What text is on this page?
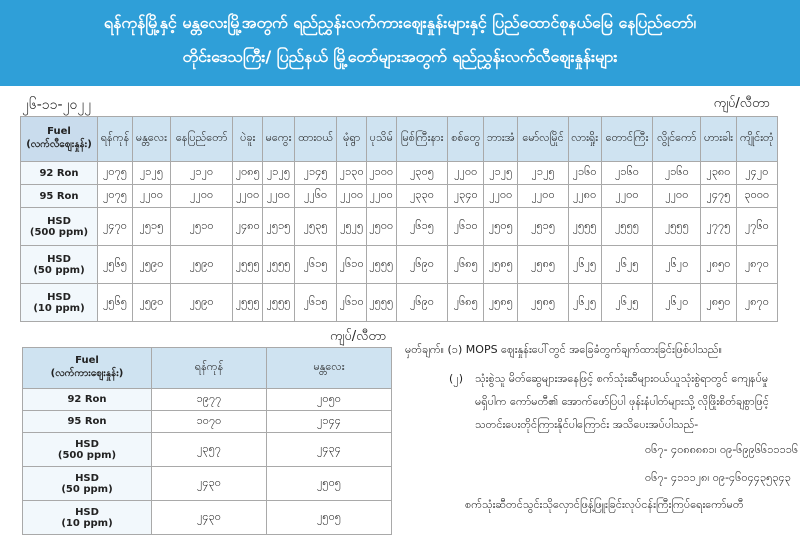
ရန်ကုန်မြို့နှင့် မန္တလေးမြို့အတွက် ရည်ညွှန်းလက်ကားဈေးနှုန်းများနှင့် ပြည်ထောင်စုနယ်မြေ နေပြည်တော်၊
တိုင်းဒေသကြီး/ ပြည်နယ် မြို့တော်များအတွက် ရည်ညွှန်းလက်လီဈေးနှုန်းများ
၂၆-၁၁-၂၀၂၂	ကျပ်/လီတာ
Fuel
(လက်လီဈေးနှုန်း)	ရန်ကုန်	မန္တလေး	နေပြည်တော်	ပဲခူး	မကွေး	ထားဝယ်	မုံရွာ	ပုသိမ်	မြစ်ကြီးနား	စစ်တွေ	ဘားအံ	မော်လမြိုင်	လားရှိုး	တောင်ကြီး	လွိုင်ကော်	ဟားခါး	ကျိုင်းတုံ
92 Ron	၂၀၇၅	၂၁၂၅	၂၁၂၀	၂၀၈၅	၂၁၂၅	၂၁၄၅	၂၁၃၀	၂၁၀၀	၂၃၀၅	၂၂၀၀	၂၁၂၅	၂၁၂၅	၂၁၆၀	၂၁၆၀	၂၁၆၀	၂၃၈၀	၂၄၂၀
95 Ron	၂၀၇၅	၂၂၀၀	၂၂၀၀	၂၂၀၀	၂၂၀၀	၂၂၆၀	၂၂၀၀	၂၂၀၀	၂၃၃၀	၂၃၄၀	၂၂၀၀	၂၂၀၀	၂၂၈၀	၂၂၀၀	၂၂၀၀	၂၄၇၅	၃၀၀၀
HSD
(500 ppm)	၂၄၇၀	၂၅၁၅	၂၅၁၀	၂၄၈၀	၂၅၁၅	၂၅၃၅	၂၅၂၅	၂၅၀၀	၂၆၁၅	၂၆၁၀	၂၅၀၅	၂၅၁၅	၂၅၅၅	၂၅၅၅	၂၅၅၅	၂၇၇၅	၂၇၆၀
HSD
(50 ppm)	၂၅၆၅	၂၅၉၀	၂၅၉၀	၂၅၅၅	၂၅၅၅	၂၆၁၅	၂၆၁၀	၂၅၅၅	၂၆၉၀	၂၆၈၅	၂၅၈၅	၂၅၈၅	၂၆၂၅	၂၆၂၅	၂၆၂၀	၂၈၅၀	၂၈၇၀
HSD
(10 ppm)	၂၅၆၅	၂၅၉၀	၂၅၉၀	၂၅၅၅	၂၅၅၅	၂၆၁၅	၂၆၁၀	၂၅၅၅	၂၆၉၀	၂၆၈၅	၂၅၈၅	၂၅၈၅	၂၆၂၅	၂၆၂၅	၂၆၂၀	၂၈၅၀	၂၈၇၀
ကျပ်/လီတာ
Fuel
(လက်ကားဈေးနှုန်း)	ရန်ကုန်	မန္တလေး
92 Ron	၁၉၇၇	၂၀၅၀
95 Ron	၁၀၇၀	၂၁၄၄
HSD
(500 ppm)	၂၃၅၇	၂၄၃၄
HSD
(50 ppm)	၂၄၃၀	၂၅၀၅
HSD
(10 ppm)	၂၄၃၀	၂၅၀၅
မှတ်ချက်။ (၁) MOPS ဈေးနှုန်းပေါ်တွင် အခြေခံတွက်ချက်ထားခြင်းဖြစ်ပါသည်။
(၂) သုံးစွဲသူ မိတ်ဆွေများအနေဖြင့် စက်သုံးဆီများဝယ်ယူသုံးစွဲရာတွင် ကျေနပ်မှု
မရှိပါက ကော်မတီ၏ အောက်ဖော်ပြပါ ဖုန်းနံပါတ်များသို့ လိုဖြိုးစိတ်ချစွာဖြင့်
သတင်းပေးတိုင်ကြားနိုင်ပါကြောင်း အသိပေးအပ်ပါသည်-
၀၆၇- ၄၀၈၈၈၈၁၊ ၀၉-၆၉၉၆၆၁၁၁၁၆
၀၆၇- ၄၁၁၁၂၈၊ ၀၉-၄၆၀၄၄၃၅၃၄၃
စက်သုံးဆီတင်သွင်းသိုလှောင်ဖြန့်ဖြူးခြင်းလုပ်ငန်းကြီးကြပ်ရေးကော်မတီ
